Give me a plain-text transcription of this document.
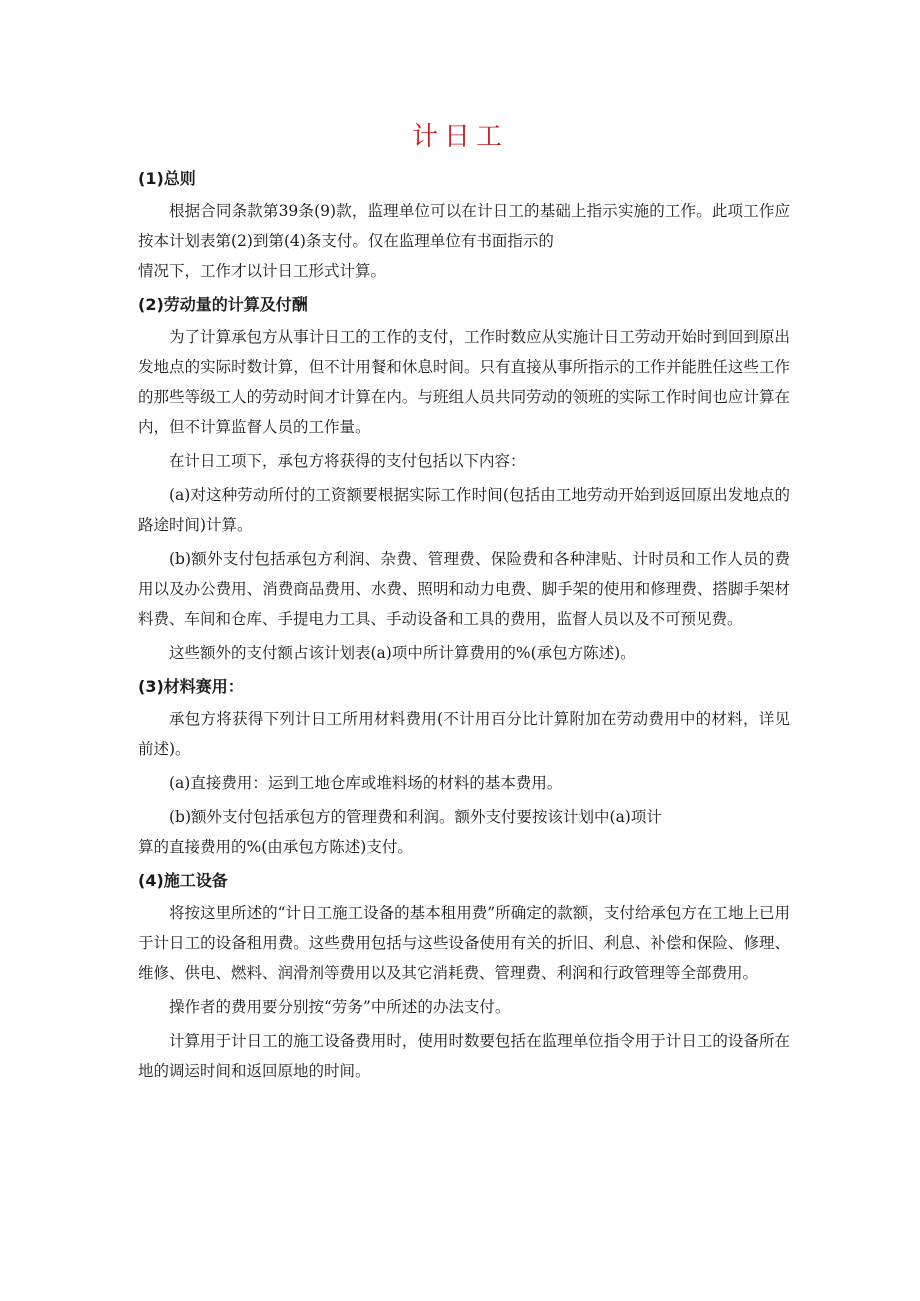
计日工
(1)总则

根据合同条款第39条(9)款，监理单位可以在计日工的基础上指示实施的工作。此项工作应按本计划表第(2)到第(4)条支付。仅在监理单位有书面指示的

情况下，工作才以计日工形式计算。

(2)劳动量的计算及付酬

为了计算承包方从事计日工的工作的支付，工作时数应从实施计日工劳动开始时到回到原出发地点的实际时数计算，但不计用餐和休息时间。只有直接从事所指示的工作并能胜任这些工作的那些等级工人的劳动时间才计算在内。与班组人员共同劳动的领班的实际工作时间也应计算在内，但不计算监督人员的工作量。

在计日工项下，承包方将获得的支付包括以下内容：

(a)对这种劳动所付的工资额要根据实际工作时间(包括由工地劳动开始到返回原出发地点的路途时间)计算。

(b)额外支付包括承包方利润、杂费、管理费、保险费和各种津贴、计时员和工作人员的费用以及办公费用、消费商品费用、水费、照明和动力电费、脚手架的使用和修理费、搭脚手架材料费、车间和仓库、手提电力工具、手动设备和工具的费用，监督人员以及不可预见费。

这些额外的支付额占该计划表(a)项中所计算费用的%(承包方陈述)。

(3)材料赛用：

承包方将获得下列计日工所用材料费用(不计用百分比计算附加在劳动费用中的材料，详见前述)。

(a)直接费用：运到工地仓库或堆料场的材料的基本费用。

(b)额外支付包括承包方的管理费和利润。额外支付要按该计划中(a)项计

算的直接费用的%(由承包方陈述)支付。

(4)施工设备

将按这里所述的“计日工施工设备的基本租用费”所确定的款额，支付给承包方在工地上已用于计日工的设备租用费。这些费用包括与这些设备使用有关的折旧、利息、补偿和保险、修理、维修、供电、燃料、润滑剂等费用以及其它消耗费、管理费、利润和行政管理等全部费用。

操作者的费用要分别按“劳务”中所述的办法支付。

计算用于计日工的施工设备费用时，使用时数要包括在监理单位指令用于计日工的设备所在地的调运时间和返回原地的时间。
